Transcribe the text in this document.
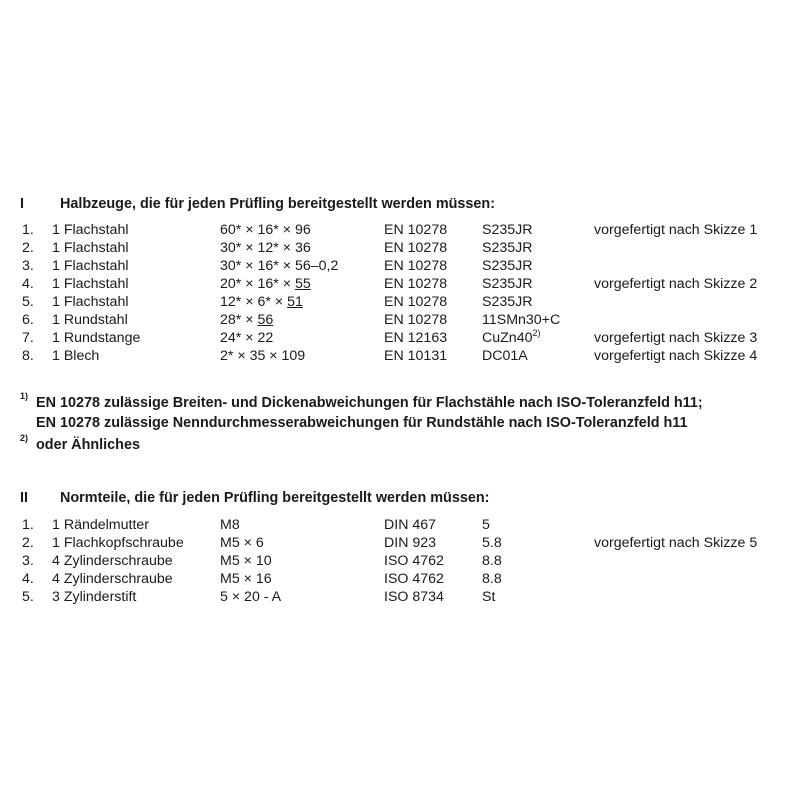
I	Halbzeuge, die für jeden Prüfling bereitgestellt werden müssen:
1. 1 Flachstahl	60* × 16* × 96	EN 10278 S235JR	vorgefertigt nach Skizze 1
2. 1 Flachstahl	30* × 12* × 36	EN 10278 S235JR
3. 1 Flachstahl	30* × 16* × 56–0,2	EN 10278 S235JR
4. 1 Flachstahl	20* × 16* × 55	EN 10278 S235JR	vorgefertigt nach Skizze 2
5. 1 Flachstahl	12* × 6* × 51	EN 10278 S235JR
6. 1 Rundstahl	28* × 56	EN 10278 11SMn30+C
7. 1 Rundstange	24* × 22	EN 12163 CuZn40$^{2)}$	vorgefertigt nach Skizze 3
8. 1 Blech	2* × 35 × 109	EN 10131 DC01A	vorgefertigt nach Skizze 4
1) EN 10278 zulässige Breiten- und Dickenabweichungen für Flachstähle nach ISO-Toleranzfeld h11;
EN 10278 zulässige Nenndurchmesserabweichungen für Rundstähle nach ISO-Toleranzfeld h11
2) oder Ähnliches
II Normteile, die für jeden Prüfling bereitgestellt werden müssen:
1. 1 Rändelmutter	M8	DIN 467	5
2. 1 Flachkopfschraube	M5 × 6	DIN 923	5.8	vorgefertigt nach Skizze 5
3. 4 Zylinderschraube	M5 × 10	ISO 4762	8.8
4. 4 Zylinderschraube	M5 × 16	ISO 4762	8.8
5. 3 Zylinderstift	5 × 20 - A	ISO 8734	St
